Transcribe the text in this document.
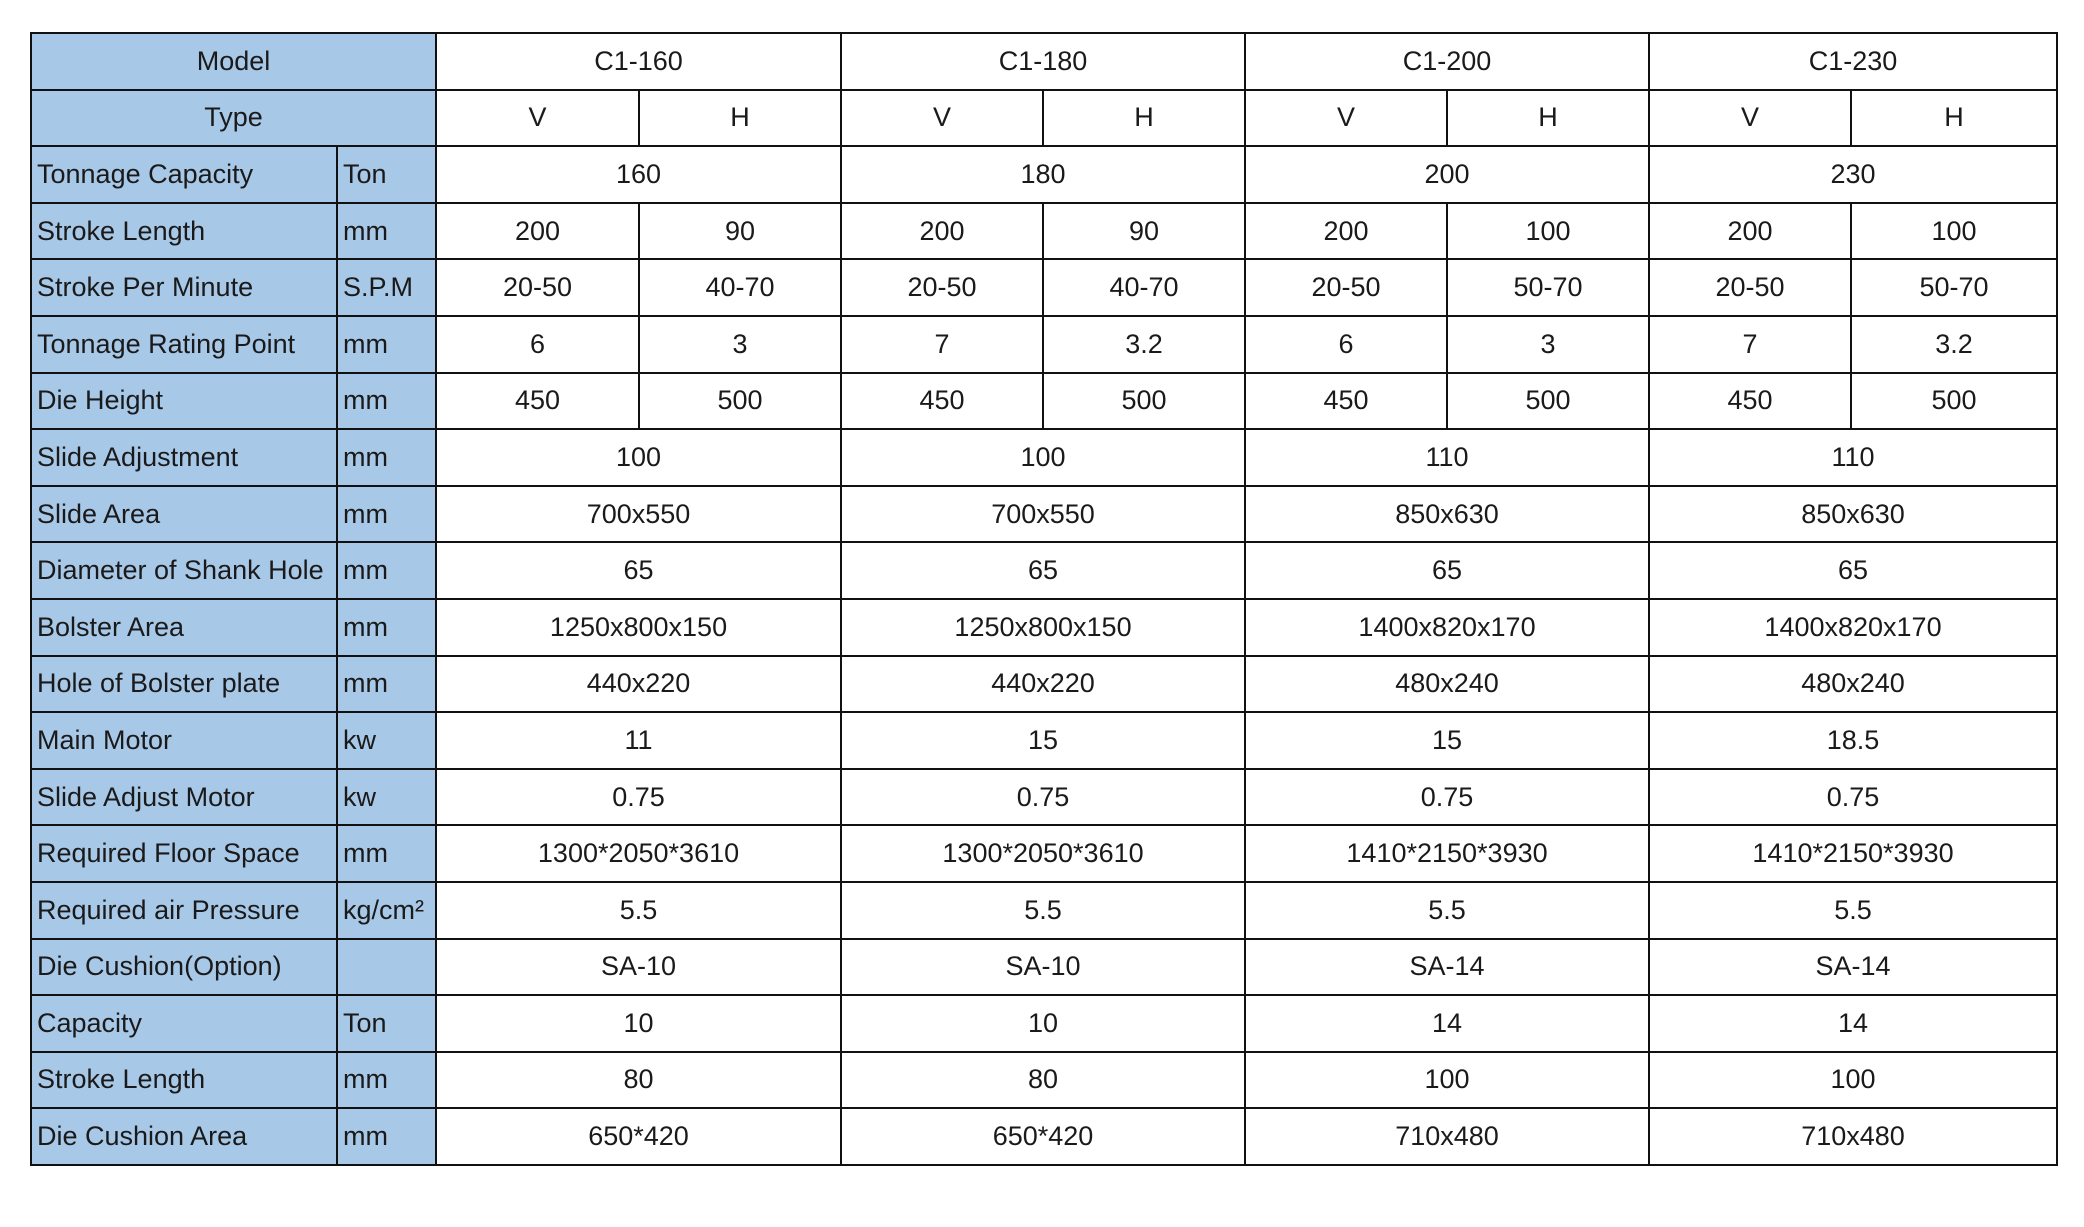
Model		C1-160		C1-180		C1-200		C1-230	
Type		V	H	V	H	V	H	V	H
Tonnage Capacity	Ton	160		180		200		230	
Stroke Length	mm	200	90	200	90	200	100	200	100
Stroke Per Minute	S.P.M	20-50	40-70	20-50	40-70	20-50	50-70	20-50	50-70
Tonnage Rating Point	mm	6	3	7	3.2	6	3	7	3.2
Die Height	mm	450	500	450	500	450	500	450	500
Slide Adjustment	mm	100		100		110		110	
Slide Area	mm	700x550		700x550		850x630		850x630	
Diameter of Shank Hole	mm	65		65		65		65	
Bolster Area	mm	1250x800x150		1250x800x150		1400x820x170		1400x820x170	
Hole of Bolster plate	mm	440x220		440x220		480x240		480x240	
Main Motor	kw	11		15		15		18.5	
Slide Adjust Motor	kw	0.75		0.75		0.75		0.75	
Required Floor Space	mm	1300*2050*3610		1300*2050*3610		1410*2150*3930		1410*2150*3930	
Required air Pressure	kg/cm²	5.5		5.5		5.5		5.5	
Die Cushion(Option)		SA-10		SA-10		SA-14		SA-14	
Capacity	Ton	10		10		14		14	
Stroke Length	mm	80		80		100		100	
Die Cushion Area	mm	650*420		650*420		710x480		710x480	
